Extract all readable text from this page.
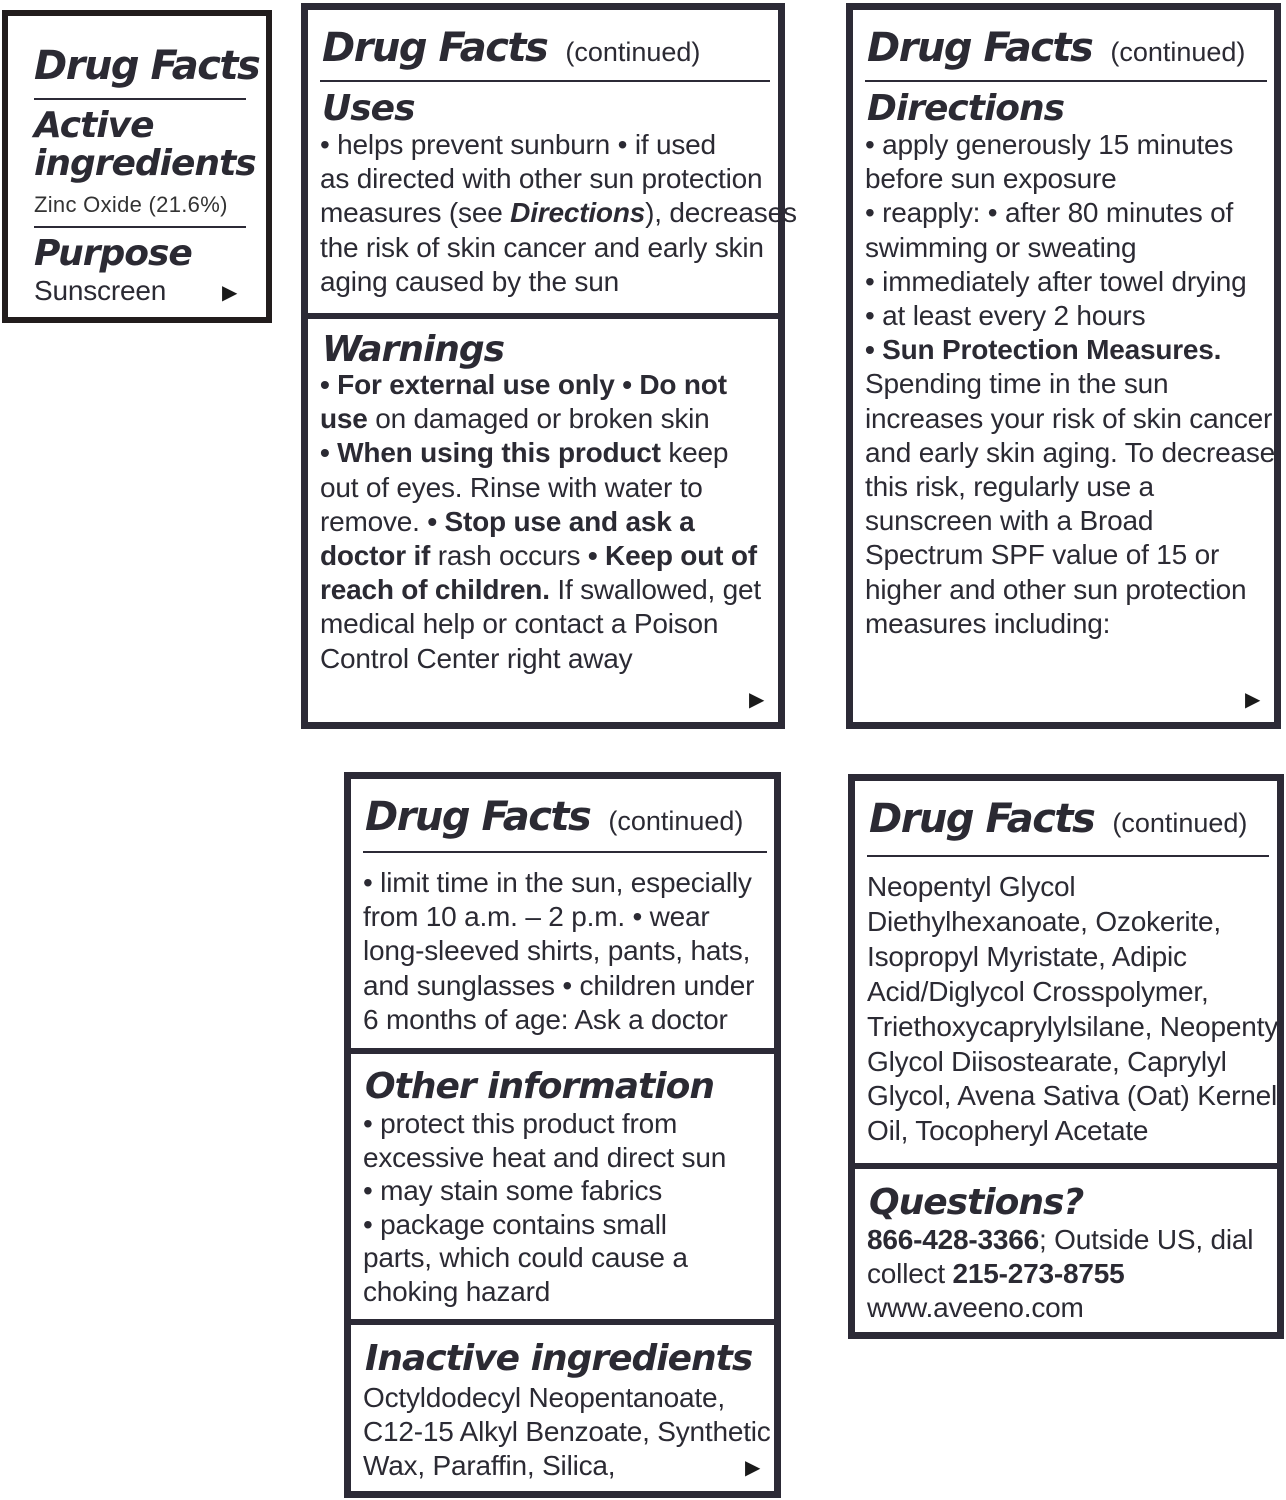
Drug Facts
Active
ingredients
Zinc Oxide (21.6%)
Purpose
Sunscreen	▶
Drug Facts (continued)
Uses
• helps prevent sunburn • if used
as directed with other sun protection
measures (see Directions), decreases
the risk of skin cancer and early skin
aging caused by the sun
Warnings
• For external use only • Do not
use on damaged or broken skin
• When using this product keep
out of eyes. Rinse with water to
remove. • Stop use and ask a
doctor if rash occurs • Keep out of
reach of children. If swallowed, get
medical help or contact a Poison
Control Center right away
▶
Drug Facts (continued)
Directions
• apply generously 15 minutes
before sun exposure
• reapply: • after 80 minutes of
swimming or sweating
• immediately after towel drying
• at least every 2 hours
• Sun Protection Measures.
Spending time in the sun
increases your risk of skin cancer
and early skin aging. To decrease
this risk, regularly use a
sunscreen with a Broad
Spectrum SPF value of 15 or
higher and other sun protection
measures including:
▶
Drug Facts (continued)
• limit time in the sun, especially
from 10 a.m. – 2 p.m. • wear
long-sleeved shirts, pants, hats,
and sunglasses • children under
6 months of age: Ask a doctor
Other information
• protect this product from
excessive heat and direct sun
• may stain some fabrics
• package contains small
parts, which could cause a
choking hazard
Inactive ingredients
Octyldodecyl Neopentanoate,
C12-15 Alkyl Benzoate, Synthetic
Wax, Paraffin, Silica,	▶
Drug Facts (continued)
Neopentyl Glycol
Diethylhexanoate, Ozokerite,
Isopropyl Myristate, Adipic
Acid/Diglycol Crosspolymer,
Triethoxycaprylylsilane, Neopentyl
Glycol Diisostearate, Caprylyl
Glycol, Avena Sativa (Oat) Kernel
Oil, Tocopheryl Acetate
Questions?
866-428-3366; Outside US, dial
collect 215-273-8755
www.aveeno.com
